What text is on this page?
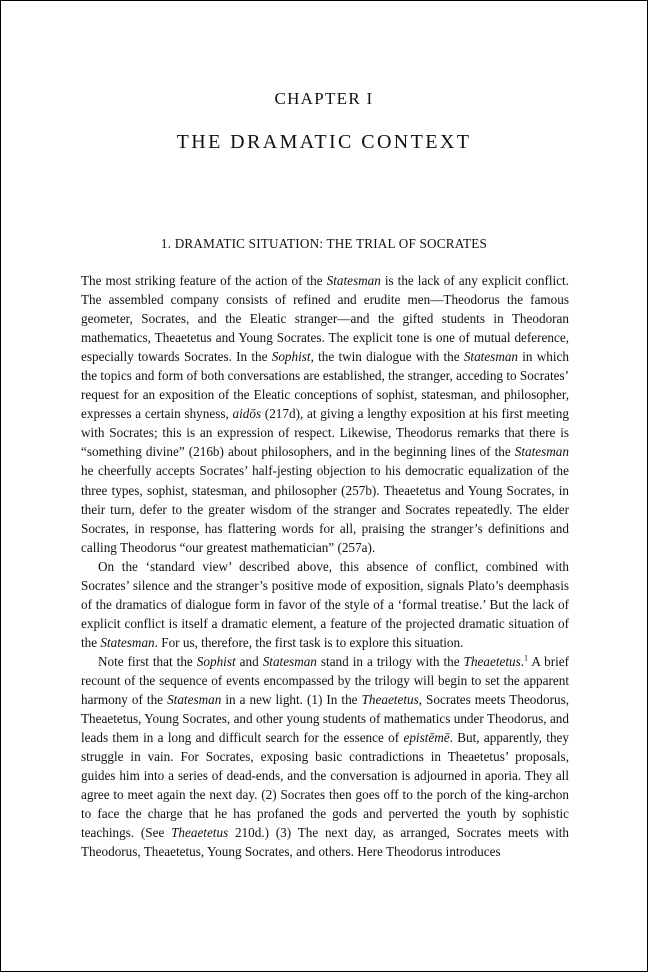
CHAPTER I
THE DRAMATIC CONTEXT
1. DRAMATIC SITUATION: THE TRIAL OF SOCRATES

The most striking feature of the action of the Statesman is the lack of any explicit conflict. The assembled company consists of refined and erudite men—Theodorus the famous geometer, Socrates, and the Eleatic stranger—and the gifted students in Theodoran mathematics, Theaetetus and Young Socrates. The explicit tone is one of mutual deference, especially towards Socrates. In the Sophist, the twin dialogue with the Statesman in which the topics and form of both conversations are established, the stranger, acceding to Socrates’ request for an exposition of the Eleatic conceptions of sophist, statesman, and philosopher, expresses a certain shyness, aidōs (217d), at giving a lengthy exposition at his first meeting with Socrates; this is an expression of respect. Likewise, Theodorus remarks that there is “something divine” (216b) about philosophers, and in the beginning lines of the Statesman he cheerfully accepts Socrates’ half-jesting objection to his democratic equalization of the three types, sophist, statesman, and philosopher (257b). Theaetetus and Young Socrates, in their turn, defer to the greater wisdom of the stranger and Socrates repeatedly. The elder Socrates, in response, has flattering words for all, praising the stranger’s definitions and calling Theodorus “our greatest mathematician” (257a).

On the ‘standard view’ described above, this absence of conflict, combined with Socrates’ silence and the stranger’s positive mode of exposition, signals Plato’s deemphasis of the dramatics of dialogue form in favor of the style of a ‘formal treatise.’ But the lack of explicit conflict is itself a dramatic element, a feature of the projected dramatic situation of the Statesman. For us, therefore, the first task is to explore this situation.

Note first that the Sophist and Statesman stand in a trilogy with the Theaetetus.$^1$ A brief recount of the sequence of events encompassed by the trilogy will begin to set the apparent harmony of the Statesman in a new light. (1) In the Theaetetus, Socrates meets Theodorus, Theaetetus, Young Socrates, and other young students of mathematics under Theodorus, and leads them in a long and difficult search for the essence of epistēmē. But, apparently, they struggle in vain. For Socrates, exposing basic contradictions in Theaetetus’ proposals, guides him into a series of dead-ends, and the conversation is adjourned in aporia. They all agree to meet again the next day. (2) Socrates then goes off to the porch of the king-archon to face the charge that he has profaned the gods and perverted the youth by sophistic teachings. (See Theaetetus 210d.) (3) The next day, as arranged, Socrates meets with Theodorus, Theaetetus, Young Socrates, and others. Here Theodorus introduces
